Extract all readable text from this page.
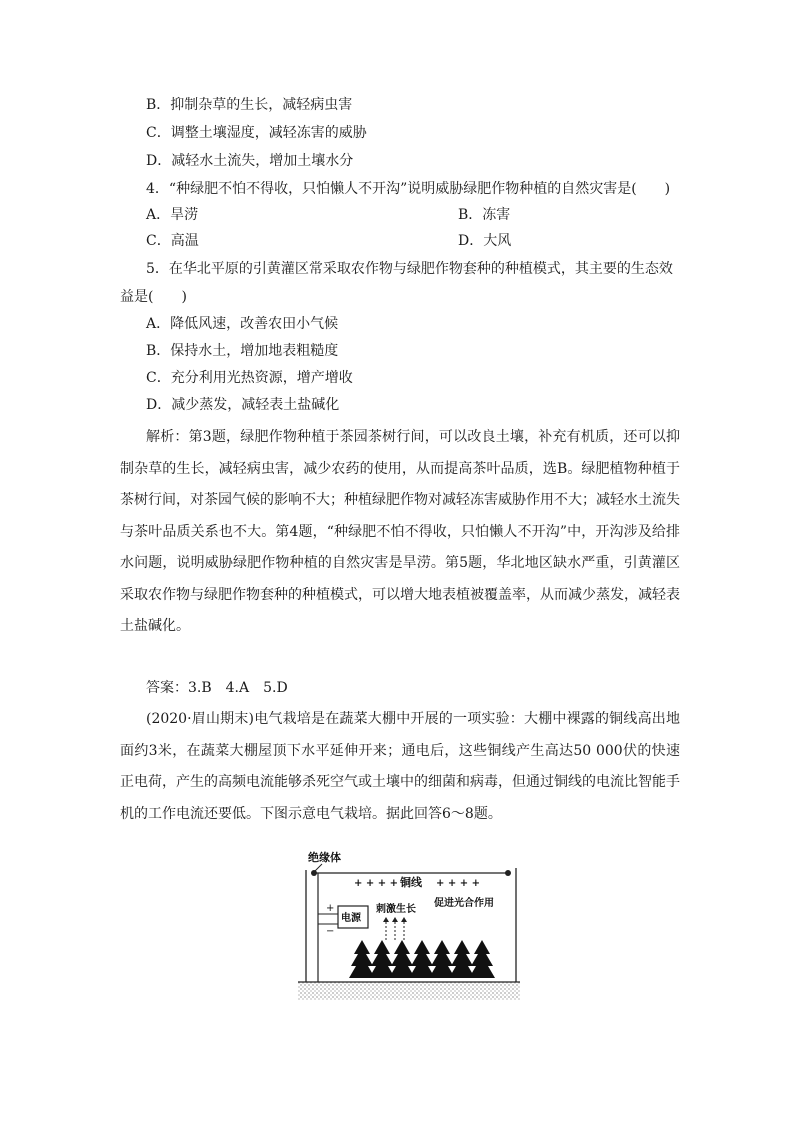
B．抑制杂草的生长，减轻病虫害
C．调整土壤湿度，减轻冻害的威胁
D．减轻水土流失，增加土壤水分
4．“种绿肥不怕不得收，只怕懒人不开沟”说明威胁绿肥作物种植的自然灾害是(　　)
A．旱涝	B．冻害
C．高温	D．大风
5．在华北平原的引黄灌区常采取农作物与绿肥作物套种的种植模式，其主要的生态效
益是(　　)
A．降低风速，改善农田小气候
B．保持水土，增加地表粗糙度
C．充分利用光热资源，增产增收
D．减少蒸发，减轻表土盐碱化
解析：第3题，绿肥作物种植于茶园茶树行间，可以改良土壤，补充有机质，还可以抑制杂草的生长，减轻病虫害，减少农药的使用，从而提高茶叶品质，选B。绿肥植物种植于茶树行间，对茶园气候的影响不大；种植绿肥作物对减轻冻害威胁作用不大；减轻水土流失与茶叶品质关系也不大。第4题，“种绿肥不怕不得收，只怕懒人不开沟”中，开沟涉及给排水问题，说明威胁绿肥作物种植的自然灾害是旱涝。第5题，华北地区缺水严重，引黄灌区采取农作物与绿肥作物套种的种植模式，可以增大地表植被覆盖率，从而减少蒸发，减轻表土盐碱化。
答案：3.B　4.A　5.D
(2020·眉山期末)电气栽培是在蔬菜大棚中开展的一项实验：大棚中裸露的铜线高出地面约3米，在蔬菜大棚屋顶下水平延伸开来；通电后，这些铜线产生高达50 000伏的快速正电荷，产生的高频电流能够杀死空气或土壤中的细菌和病毒，但通过铜线的电流比智能手机的工作电流还要低。下图示意电气栽培。据此回答6～8题。
绝缘体
+ + + + 铜线 + + + +
电源
+
−
刺激生长
促进光合作用
